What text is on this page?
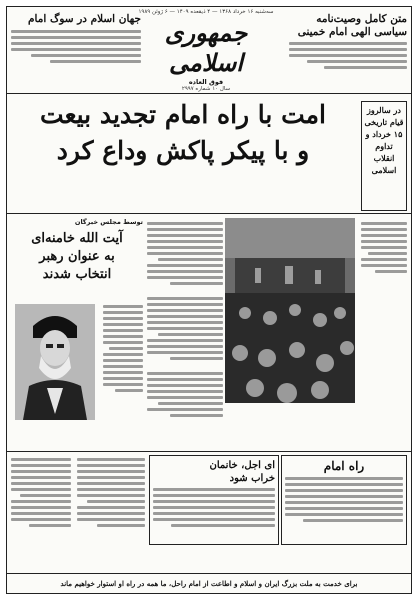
متن کامل وصیت‌نامه
سیاسی الهی امام خمینی
سه‌شنبه ۱۶ خرداد ۱۳۶۸ — ۴ ذیقعده ۱۴۰۹ — ۶ ژوئن ۱۹۸۹
جمهوری اسلامی
فوق العاده
سال ۱۰ شماره ۲۹۹۷
جهان اسلام در سوگ امام
در سالروز قیام تاریخی ۱۵ خرداد و تداوم انقلاب اسلامی
امت با راه امام تجدید بیعت
و با پیکر پاکش وداع کرد
توسط مجلس خبرگان
آیت الله خامنه‌ای
به عنوان رهبر
انتخاب شدند
ای اجل، خانمان
خراب شود
راه امام
برای خدمت به ملت بزرگ ایران و اسلام و اطاعت از امام راحل، ما همه در راه او استوار خواهیم ماند
